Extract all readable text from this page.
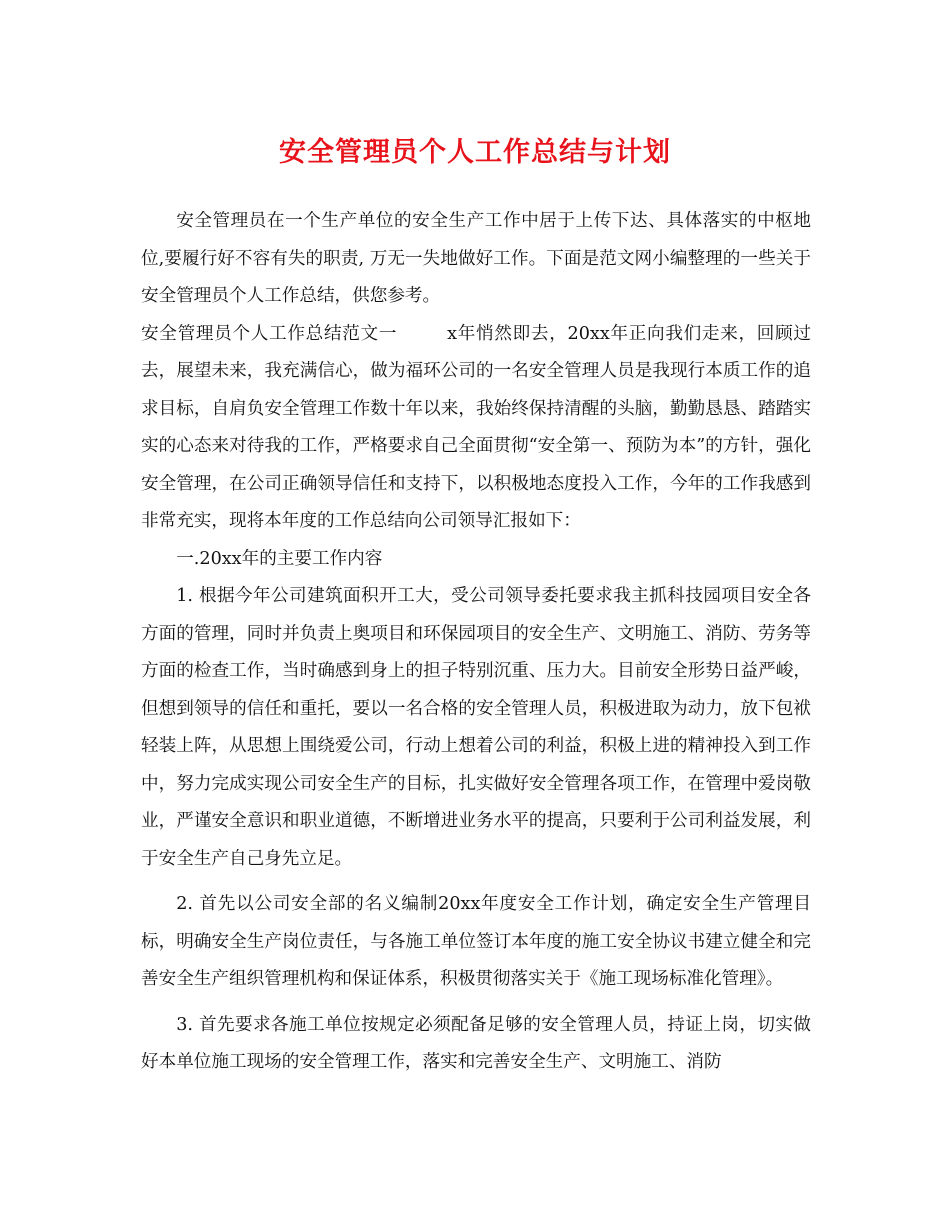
安全管理员个人工作总结与计划

安全管理员在一个生产单位的安全生产工作中居于上传下达、具体落实的中枢地位,要履行好不容有失的职责, 万无一失地做好工作。下面是范文网小编整理的一些关于安全管理员个人工作总结，供您参考。

安全管理员个人工作总结范文一	x年悄然即去，20xx年正向我们走来，回顾过去，展望未来，我充满信心，做为福环公司的一名安全管理人员是我现行本质工作的追求目标，自肩负安全管理工作数十年以来，我始终保持清醒的头脑，勤勤恳恳、踏踏实实的心态来对待我的工作，严格要求自己全面贯彻“安全第一、预防为本”的方针，强化安全管理，在公司正确领导信任和支持下，以积极地态度投入工作，今年的工作我感到非常充实，现将本年度的工作总结向公司领导汇报如下：

一.20xx年的主要工作内容

1. 根据今年公司建筑面积开工大，受公司领导委托要求我主抓科技园项目安全各方面的管理，同时并负责上奥项目和环保园项目的安全生产、文明施工、消防、劳务等方面的检查工作，当时确感到身上的担子特别沉重、压力大。目前安全形势日益严峻，但想到领导的信任和重托，要以一名合格的安全管理人员，积极进取为动力，放下包袱轻装上阵，从思想上围绕爱公司，行动上想着公司的利益，积极上进的精神投入到工作中，努力完成实现公司安全生产的目标，扎实做好安全管理各项工作，在管理中爱岗敬业，严谨安全意识和职业道德，不断增进业务水平的提高，只要利于公司利益发展，利于安全生产自己身先立足。

2. 首先以公司安全部的名义编制20xx年度安全工作计划，确定安全生产管理目标，明确安全生产岗位责任，与各施工单位签订本年度的施工安全协议书建立健全和完善安全生产组织管理机构和保证体系，积极贯彻落实关于《施工现场标准化管理》。

3. 首先要求各施工单位按规定必须配备足够的安全管理人员，持证上岗，切实做好本单位施工现场的安全管理工作，落实和完善安全生产、文明施工、消防
